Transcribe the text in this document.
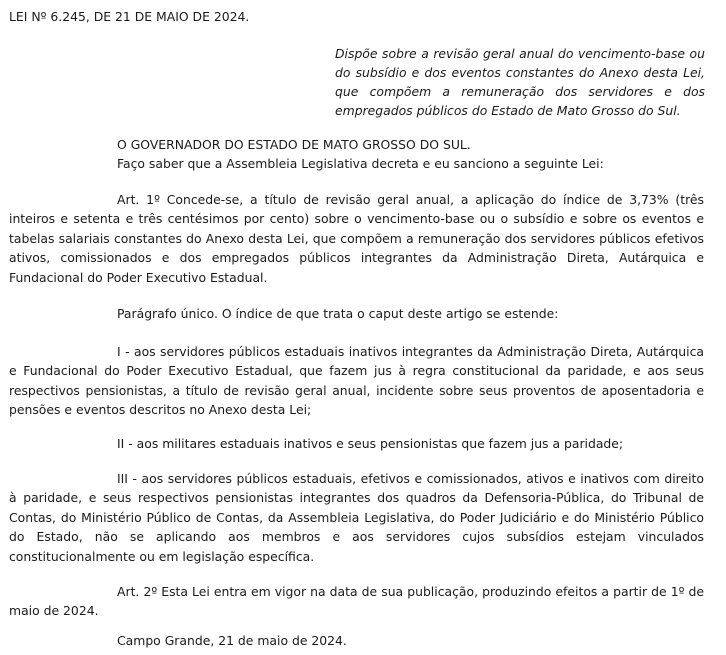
LEI Nº 6.245, DE 21 DE MAIO DE 2024.
Dispõe sobre a revisão geral anual do vencimento-base ou do subsídio e dos eventos constantes do Anexo desta Lei, que compõem a remuneração dos servidores e dos empregados públicos do Estado de Mato Grosso do Sul.
O GOVERNADOR DO ESTADO DE MATO GROSSO DO SUL.
Faço saber que a Assembleia Legislativa decreta e eu sanciono a seguinte Lei:
Art. 1º Concede-se, a título de revisão geral anual, a aplicação do índice de 3,73% (três inteiros e setenta e três centésimos por cento) sobre o vencimento-base ou o subsídio e sobre os eventos e tabelas salariais constantes do Anexo desta Lei, que compõem a remuneração dos servidores públicos efetivos ativos, comissionados e dos empregados públicos integrantes da Administração Direta, Autárquica e Fundacional do Poder Executivo Estadual.
Parágrafo único. O índice de que trata o caput deste artigo se estende:
I - aos servidores públicos estaduais inativos integrantes da Administração Direta, Autárquica e Fundacional do Poder Executivo Estadual, que fazem jus à regra constitucional da paridade, e aos seus respectivos pensionistas, a título de revisão geral anual, incidente sobre seus proventos de aposentadoria e pensões e eventos descritos no Anexo desta Lei;
II - aos militares estaduais inativos e seus pensionistas que fazem jus a paridade;
III - aos servidores públicos estaduais, efetivos e comissionados, ativos e inativos com direito à paridade, e seus respectivos pensionistas integrantes dos quadros da Defensoria-Pública, do Tribunal de Contas, do Ministério Público de Contas, da Assembleia Legislativa, do Poder Judiciário e do Ministério Público do Estado, não se aplicando aos membros e aos servidores cujos subsídios estejam vinculados constitucionalmente ou em legislação específica.
Art. 2º Esta Lei entra em vigor na data de sua publicação, produzindo efeitos a partir de 1º de maio de 2024.
Campo Grande, 21 de maio de 2024.
